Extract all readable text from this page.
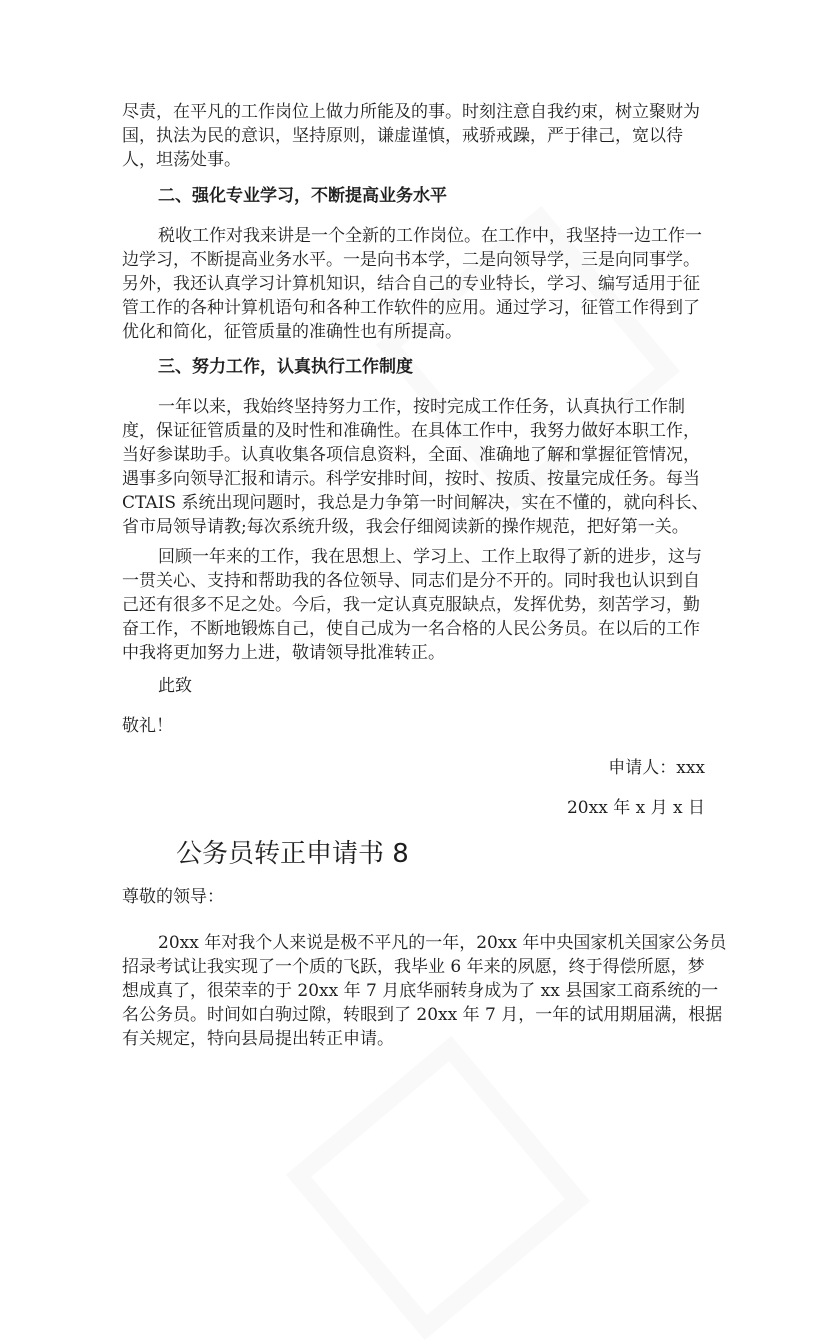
尽责，在平凡的工作岗位上做力所能及的事。时刻注意自我约束，树立聚财为
国，执法为民的意识，坚持原则，谦虚谨慎，戒骄戒躁，严于律己，宽以待
人，坦荡处事。
二、强化专业学习，不断提高业务水平
税收工作对我来讲是一个全新的工作岗位。在工作中，我坚持一边工作一
边学习，不断提高业务水平。一是向书本学，二是向领导学，三是向同事学。
另外，我还认真学习计算机知识，结合自己的专业特长，学习、编写适用于征
管工作的各种计算机语句和各种工作软件的应用。通过学习，征管工作得到了
优化和简化，征管质量的准确性也有所提高。
三、努力工作，认真执行工作制度
一年以来，我始终坚持努力工作，按时完成工作任务，认真执行工作制
度，保证征管质量的及时性和准确性。在具体工作中，我努力做好本职工作，
当好参谋助手。认真收集各项信息资料，全面、准确地了解和掌握征管情况，
遇事多向领导汇报和请示。科学安排时间，按时、按质、按量完成任务。每当
CTAIS 系统出现问题时，我总是力争第一时间解决，实在不懂的，就向科长、
省市局领导请教;每次系统升级，我会仔细阅读新的操作规范，把好第一关。
回顾一年来的工作，我在思想上、学习上、工作上取得了新的进步，这与
一贯关心、支持和帮助我的各位领导、同志们是分不开的。同时我也认识到自
己还有很多不足之处。今后，我一定认真克服缺点，发挥优势，刻苦学习，勤
奋工作，不断地锻炼自己，使自己成为一名合格的人民公务员。在以后的工作
中我将更加努力上进，敬请领导批准转正。
此致
敬礼！
申请人：xxx
20xx 年 x 月 x 日
公务员转正申请书 8
尊敬的领导：
20xx 年对我个人来说是极不平凡的一年，20xx 年中央国家机关国家公务员
招录考试让我实现了一个质的飞跃，我毕业 6 年来的夙愿，终于得偿所愿，梦
想成真了，很荣幸的于 20xx 年 7 月底华丽转身成为了 xx 县国家工商系统的一
名公务员。时间如白驹过隙，转眼到了 20xx 年 7 月，一年的试用期届满，根据
有关规定，特向县局提出转正申请。
